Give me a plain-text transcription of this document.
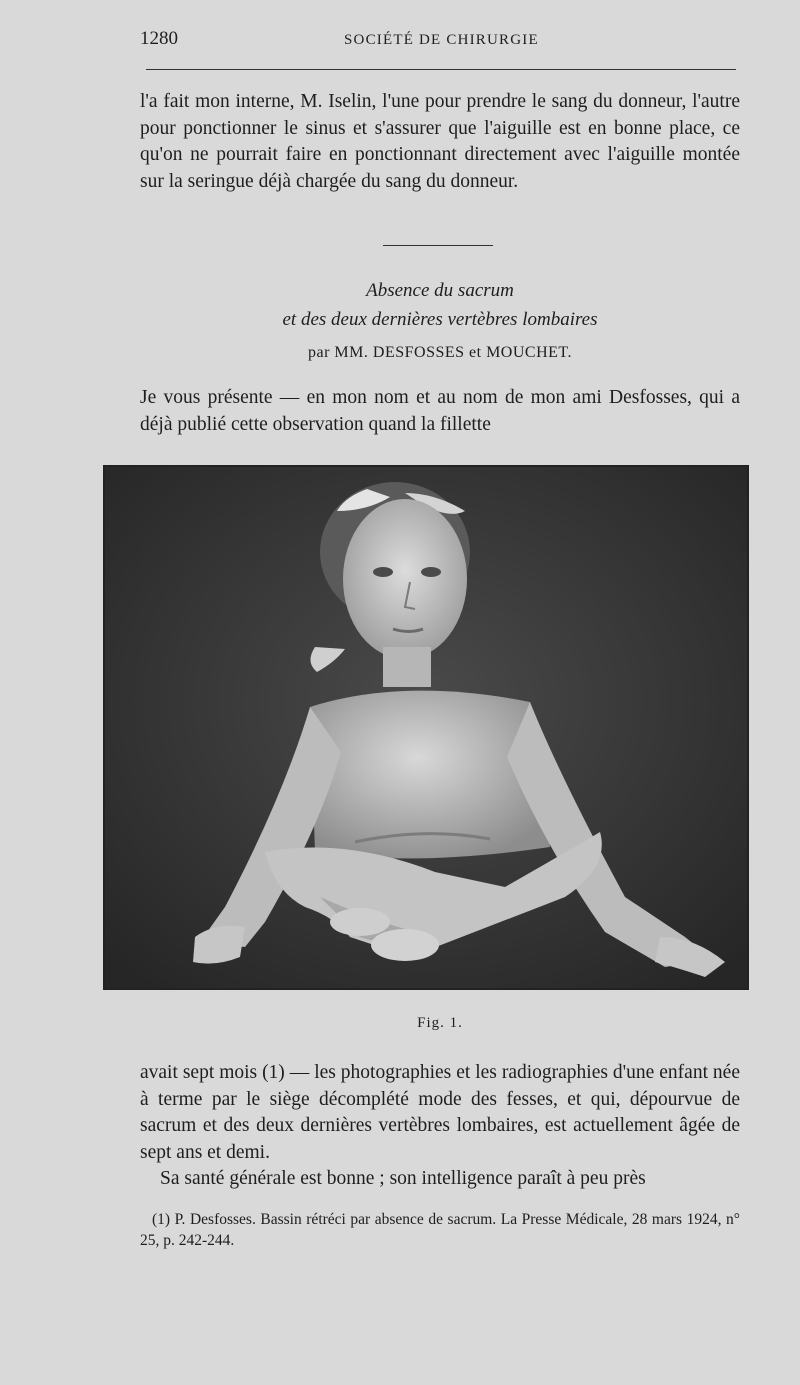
1280	SOCIÉTÉ DE CHIRURGIE

l'a fait mon interne, M. Iselin, l'une pour prendre le sang du donneur, l'autre pour ponctionner le sinus et s'assurer que l'aiguille est en bonne place, ce qu'on ne pourrait faire en ponctionnant directement avec l'aiguille montée sur la seringue déjà chargée du sang du donneur.

Absence du sacrum
et des deux dernières vertèbres lombaires
par MM. DESFOSSES et MOUCHET.

Je vous présente — en mon nom et au nom de mon ami Desfosses, qui a déjà publié cette observation quand la fillette

Fig. 1.

avait sept mois (1) — les photographies et les radiographies d'une enfant née à terme par le siège décomplété mode des fesses, et qui, dépourvue de sacrum et des deux dernières vertèbres lombaires, est actuellement âgée de sept ans et demi.
Sa santé générale est bonne ; son intelligence paraît à peu près

(1) P. Desfosses. Bassin rétréci par absence de sacrum. La Presse Médicale, 28 mars 1924, n° 25, p. 242-244.
